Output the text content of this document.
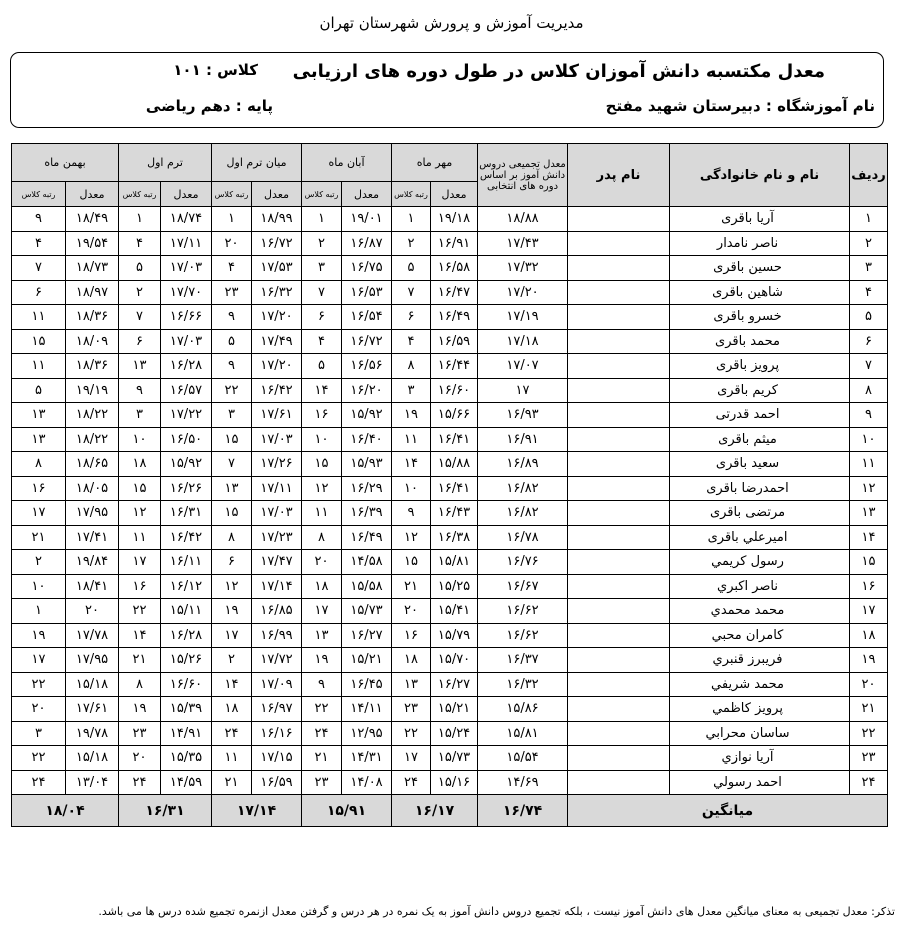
مدیریت آموزش و پرورش شهرستان تهران
معدل مکتسبه دانش آموزان کلاس در طول دوره های ارزیابی
کلاس : ۱۰۱
نام آموزشگاه : دبیرستان شهید مفتح
پایه : دهم ریاضی
ردیف	نام و نام خانوادگی	نام پدر	معدل تجمیعی دروس دانش آموز بر اساس دوره های انتخابی	مهر ماه		آبان ماه		میان ترم اول		ترم اول		بهمن ماه	
				معدل	رتبه کلاس	معدل	رتبه کلاس	معدل	رتبه کلاس	معدل	رتبه کلاس	معدل	رتبه کلاس
۱	آریا باقری		۱۸/۸۸	۱۹/۱۸	۱	۱۹/۰۱	۱	۱۸/۹۹	۱	۱۸/۷۴	۱	۱۸/۴۹	۹
۲	ناصر نامدار		۱۷/۴۳	۱۶/۹۱	۲	۱۶/۸۷	۲	۱۶/۷۲	۲۰	۱۷/۱۱	۴	۱۹/۵۴	۴
۳	حسین باقری		۱۷/۳۲	۱۶/۵۸	۵	۱۶/۷۵	۳	۱۷/۵۳	۴	۱۷/۰۳	۵	۱۸/۷۳	۷
۴	شاهین باقری		۱۷/۲۰	۱۶/۴۷	۷	۱۶/۵۳	۷	۱۶/۳۲	۲۳	۱۷/۷۰	۲	۱۸/۹۷	۶
۵	خسرو باقری		۱۷/۱۹	۱۶/۴۹	۶	۱۶/۵۴	۶	۱۷/۲۰	۹	۱۶/۶۶	۷	۱۸/۳۶	۱۱
۶	محمد باقری		۱۷/۱۸	۱۶/۵۹	۴	۱۶/۷۲	۴	۱۷/۴۹	۵	۱۷/۰۳	۶	۱۸/۰۹	۱۵
۷	پرویز باقری		۱۷/۰۷	۱۶/۴۴	۸	۱۶/۵۶	۵	۱۷/۲۰	۹	۱۶/۲۸	۱۳	۱۸/۳۶	۱۱
۸	کریم باقری		۱۷	۱۶/۶۰	۳	۱۶/۲۰	۱۴	۱۶/۴۲	۲۲	۱۶/۵۷	۹	۱۹/۱۹	۵
۹	احمد قدرتی		۱۶/۹۳	۱۵/۶۶	۱۹	۱۵/۹۲	۱۶	۱۷/۶۱	۳	۱۷/۲۲	۳	۱۸/۲۲	۱۳
۱۰	میثم باقری		۱۶/۹۱	۱۶/۴۱	۱۱	۱۶/۴۰	۱۰	۱۷/۰۳	۱۵	۱۶/۵۰	۱۰	۱۸/۲۲	۱۳
۱۱	سعید باقری		۱۶/۸۹	۱۵/۸۸	۱۴	۱۵/۹۳	۱۵	۱۷/۲۶	۷	۱۵/۹۲	۱۸	۱۸/۶۵	۸
۱۲	احمدرضا باقری		۱۶/۸۲	۱۶/۴۱	۱۰	۱۶/۲۹	۱۲	۱۷/۱۱	۱۳	۱۶/۲۶	۱۵	۱۸/۰۵	۱۶
۱۳	مرتضی باقری		۱۶/۸۲	۱۶/۴۳	۹	۱۶/۳۹	۱۱	۱۷/۰۳	۱۵	۱۶/۳۱	۱۲	۱۷/۹۵	۱۷
۱۴	امیرعلي باقری		۱۶/۷۸	۱۶/۳۸	۱۲	۱۶/۴۹	۸	۱۷/۲۳	۸	۱۶/۴۲	۱۱	۱۷/۴۱	۲۱
۱۵	رسول کریمي		۱۶/۷۶	۱۵/۸۱	۱۵	۱۴/۵۸	۲۰	۱۷/۴۷	۶	۱۶/۱۱	۱۷	۱۹/۸۴	۲
۱۶	ناصر اکبري		۱۶/۶۷	۱۵/۲۵	۲۱	۱۵/۵۸	۱۸	۱۷/۱۴	۱۲	۱۶/۱۲	۱۶	۱۸/۴۱	۱۰
۱۷	محمد محمدي		۱۶/۶۲	۱۵/۴۱	۲۰	۱۵/۷۳	۱۷	۱۶/۸۵	۱۹	۱۵/۱۱	۲۲	۲۰	۱
۱۸	کامران محبي		۱۶/۶۲	۱۵/۷۹	۱۶	۱۶/۲۷	۱۳	۱۶/۹۹	۱۷	۱۶/۲۸	۱۴	۱۷/۷۸	۱۹
۱۹	فريبرز قنبري		۱۶/۳۷	۱۵/۷۰	۱۸	۱۵/۲۱	۱۹	۱۷/۷۲	۲	۱۵/۲۶	۲۱	۱۷/۹۵	۱۷
۲۰	محمد شريفي		۱۶/۳۲	۱۶/۲۷	۱۳	۱۶/۴۵	۹	۱۷/۰۹	۱۴	۱۶/۶۰	۸	۱۵/۱۸	۲۲
۲۱	پرويز کاظمي		۱۵/۸۶	۱۵/۲۱	۲۳	۱۴/۱۱	۲۲	۱۶/۹۷	۱۸	۱۵/۳۹	۱۹	۱۷/۶۱	۲۰
۲۲	ساسان محرابي		۱۵/۸۱	۱۵/۲۴	۲۲	۱۲/۹۵	۲۴	۱۶/۱۶	۲۴	۱۴/۹۱	۲۳	۱۹/۷۸	۳
۲۳	آريا نوازي		۱۵/۵۴	۱۵/۷۳	۱۷	۱۴/۳۱	۲۱	۱۷/۱۵	۱۱	۱۵/۳۵	۲۰	۱۵/۱۸	۲۲
۲۴	احمد رسولي		۱۴/۶۹	۱۵/۱۶	۲۴	۱۴/۰۸	۲۳	۱۶/۵۹	۲۱	۱۴/۵۹	۲۴	۱۳/۰۴	۲۴
ميانگين			۱۶/۷۴	۱۶/۱۷		۱۵/۹۱		۱۷/۱۴		۱۶/۳۱		۱۸/۰۴	
تذکر: معدل تجمیعی به معنای میانگین معدل های دانش آموز نیست ، بلکه تجمیع دروس دانش آموز به یک نمره در هر درس و گرفتن معدل ازنمره تجمیع شده درس ها می باشد.
